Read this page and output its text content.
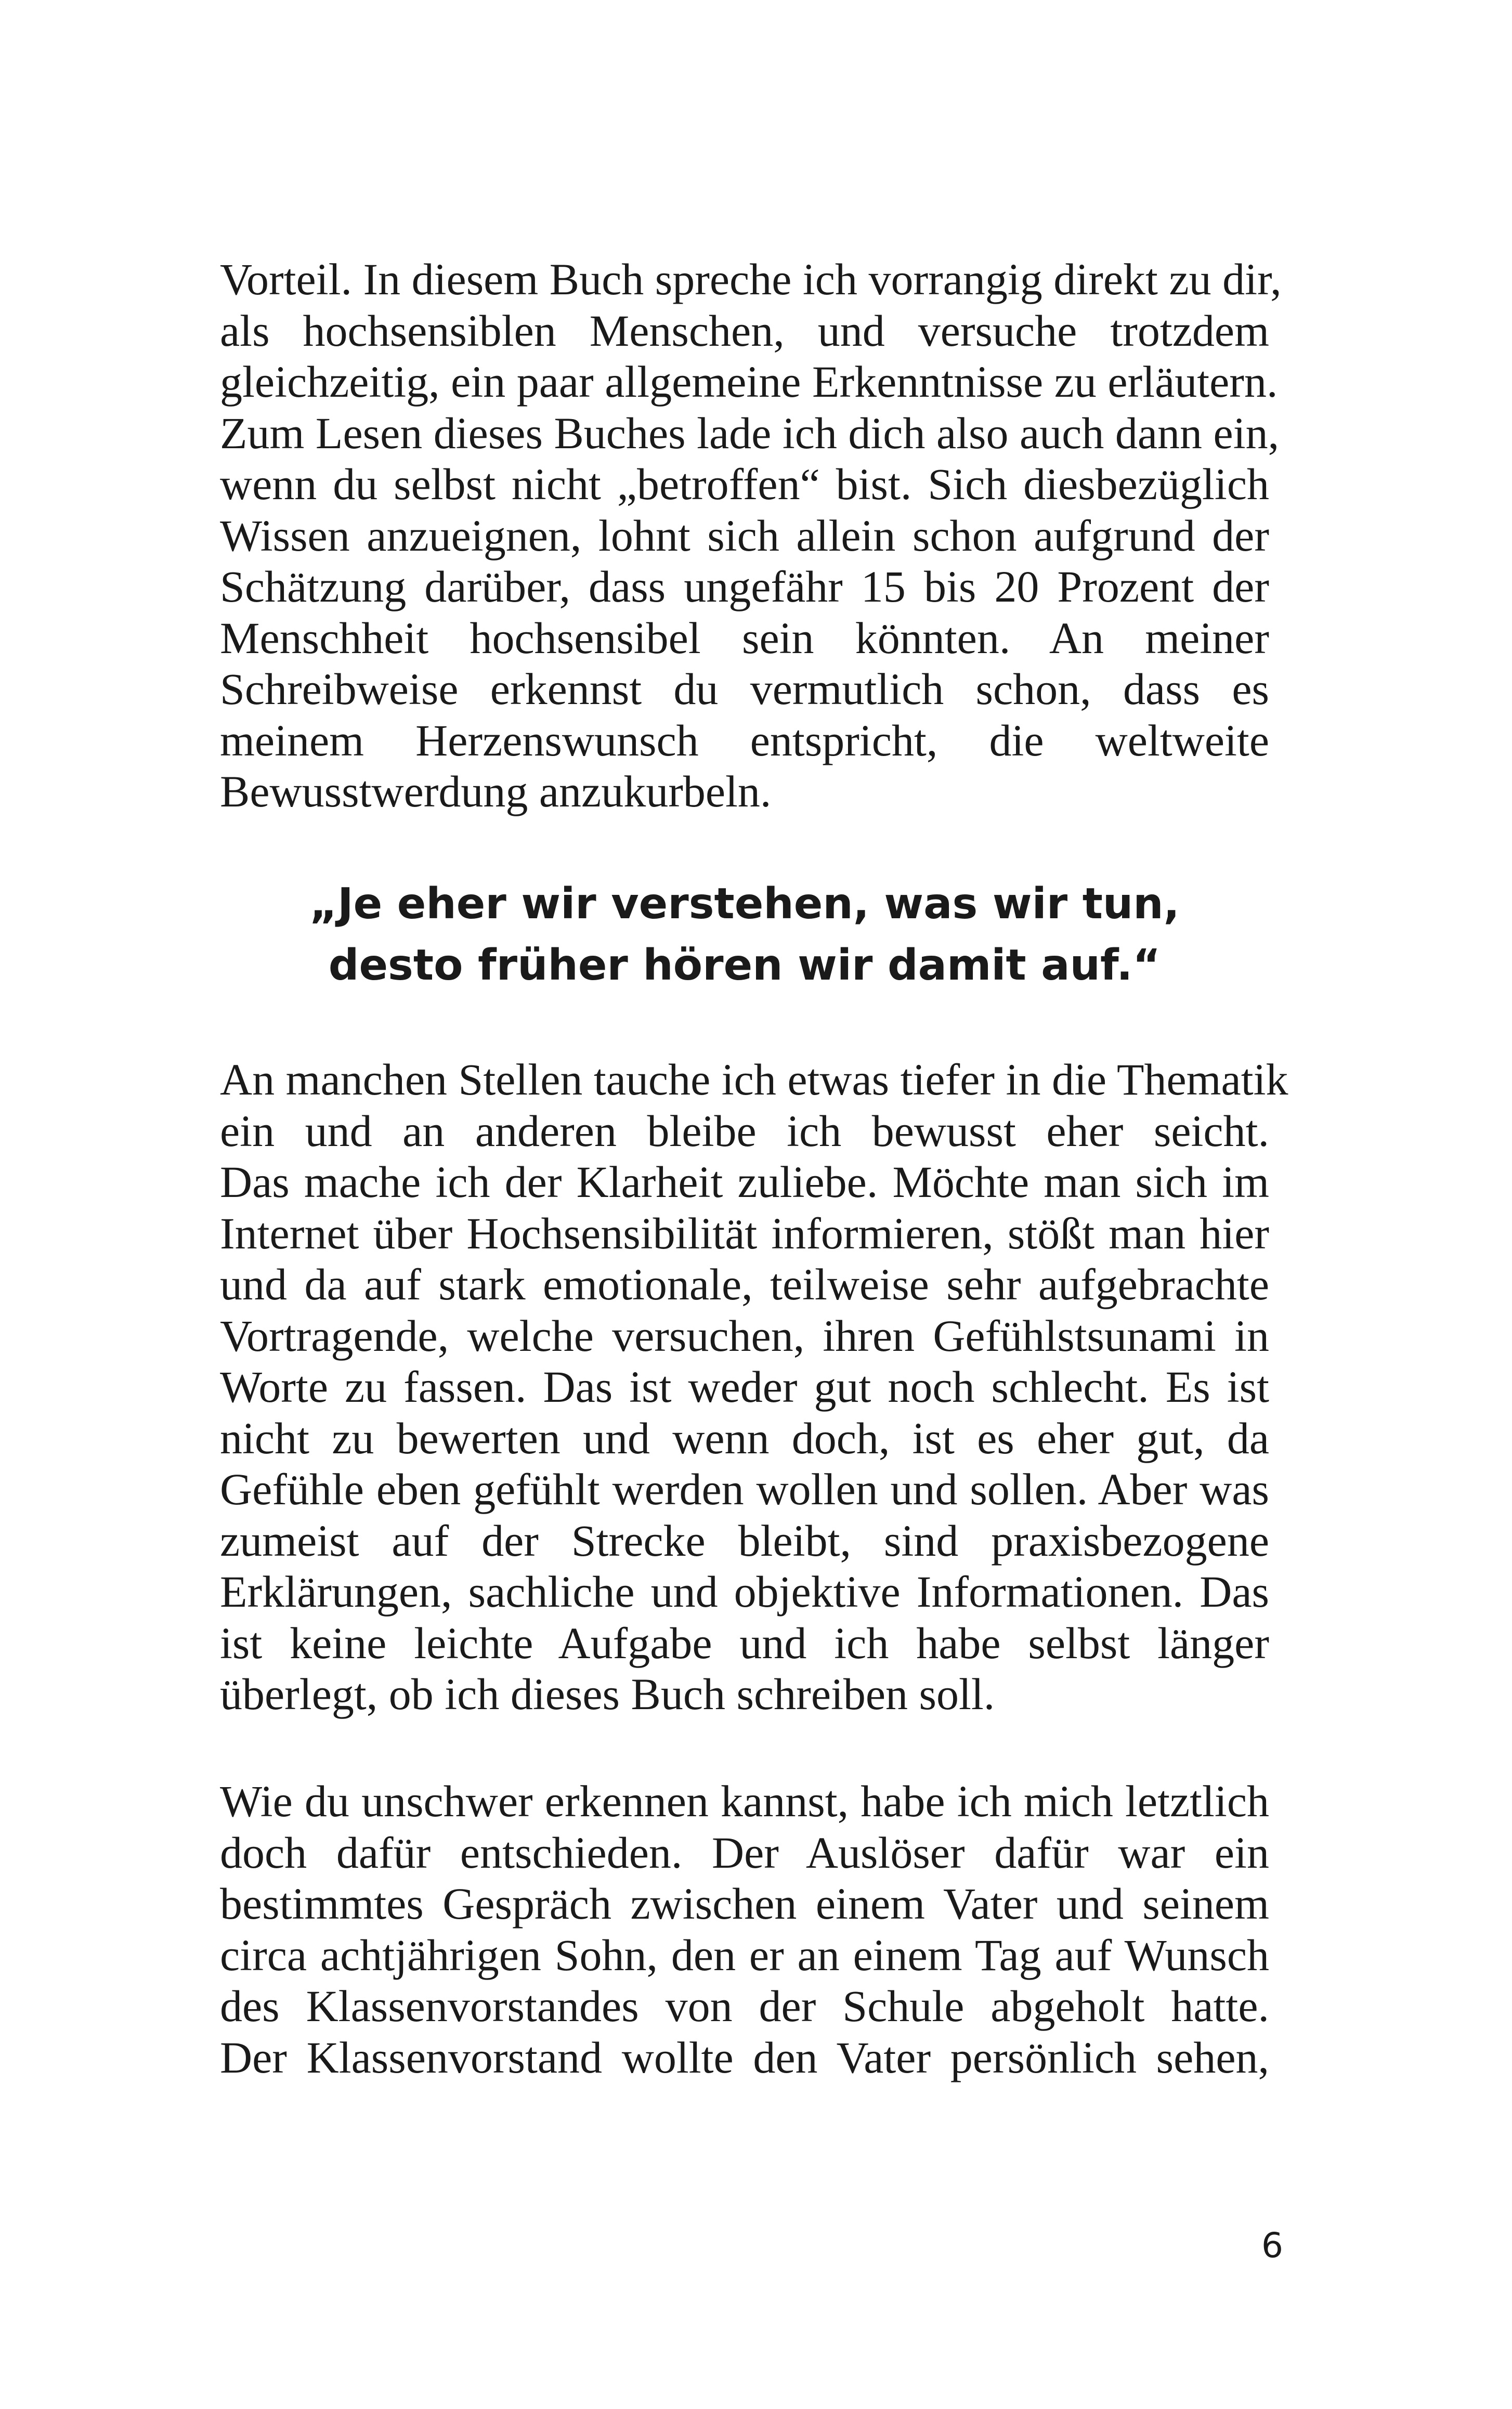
Vorteil. In diesem Buch spreche ich vorrangig direkt zu dir,
als hochsensiblen Menschen, und versuche trotzdem
gleichzeitig, ein paar allgemeine Erkenntnisse zu erläutern.
Zum Lesen dieses Buches lade ich dich also auch dann ein,
wenn du selbst nicht „betroffen“ bist. Sich diesbezüglich
Wissen anzueignen, lohnt sich allein schon aufgrund der
Schätzung darüber, dass ungefähr 15 bis 20 Prozent der
Menschheit hochsensibel sein könnten. An meiner
Schreibweise erkennst du vermutlich schon, dass es
meinem Herzenswunsch entspricht, die weltweite
Bewusstwerdung anzukurbeln.
„Je eher wir verstehen, was wir tun,
desto früher hören wir damit auf.“
An manchen Stellen tauche ich etwas tiefer in die Thematik
ein und an anderen bleibe ich bewusst eher seicht.
Das mache ich der Klarheit zuliebe. Möchte man sich im
Internet über Hochsensibilität informieren, stößt man hier
und da auf stark emotionale, teilweise sehr aufgebrachte
Vortragende, welche versuchen, ihren Gefühlstsunami in
Worte zu fassen. Das ist weder gut noch schlecht. Es ist
nicht zu bewerten und wenn doch, ist es eher gut, da
Gefühle eben gefühlt werden wollen und sollen. Aber was
zumeist auf der Strecke bleibt, sind praxisbezogene
Erklärungen, sachliche und objektive Informationen. Das
ist keine leichte Aufgabe und ich habe selbst länger
überlegt, ob ich dieses Buch schreiben soll.
Wie du unschwer erkennen kannst, habe ich mich letztlich
doch dafür entschieden. Der Auslöser dafür war ein
bestimmtes Gespräch zwischen einem Vater und seinem
circa achtjährigen Sohn, den er an einem Tag auf Wunsch
des Klassenvorstandes von der Schule abgeholt hatte.
Der Klassenvorstand wollte den Vater persönlich sehen,
6
